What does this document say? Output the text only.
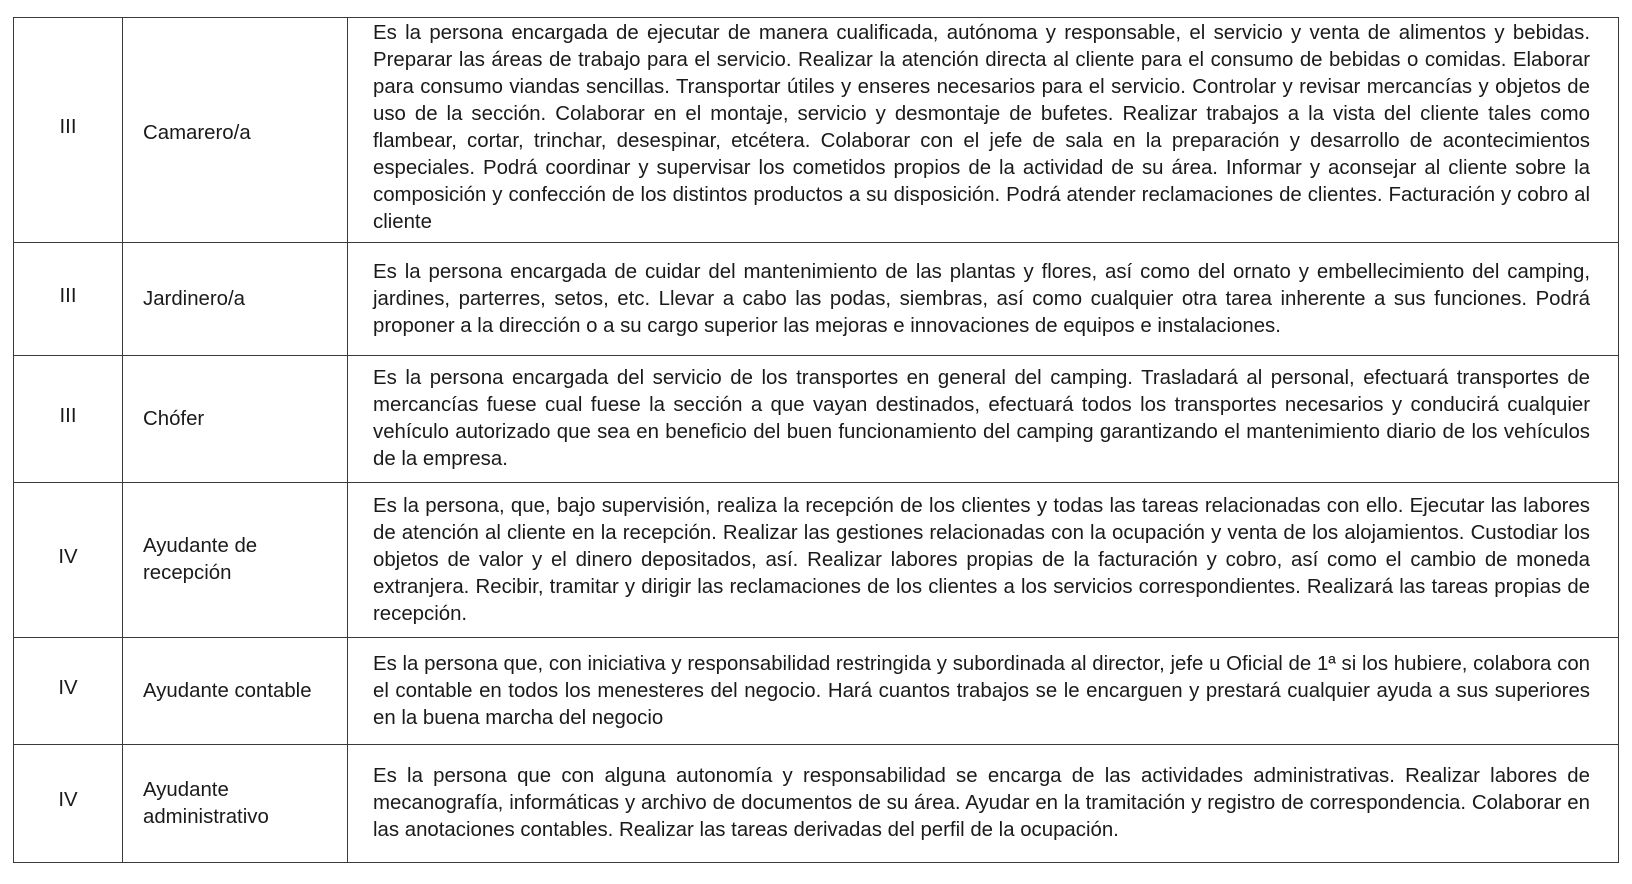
III	Camarero/a	Es la persona encargada de ejecutar de manera cualificada, autónoma y responsable, el servicio y venta de alimentos y bebidas. Preparar las áreas de trabajo para el servicio. Realizar la atención directa al cliente para el consumo de bebidas o comidas. Elaborar para consumo viandas sencillas. Transportar útiles y enseres necesarios para el servicio. Controlar y revisar mercancías y objetos de uso de la sección. Colaborar en el montaje, servicio y desmontaje de bufetes. Realizar trabajos a la vista del cliente tales como flambear, cortar, trinchar, desespinar, etcétera. Colaborar con el jefe de sala en la preparación y desarrollo de acontecimientos especiales. Podrá coordinar y supervisar los cometidos propios de la actividad de su área. Informar y aconsejar al cliente sobre la composición y confección de los distintos productos a su disposición. Podrá atender reclamaciones de clientes. Facturación y cobro al cliente
III	Jardinero/a	Es la persona encargada de cuidar del mantenimiento de las plantas y flores, así como del ornato y embellecimiento del camping, jardines, parterres, setos, etc. Llevar a cabo las podas, siembras, así como cualquier otra tarea inherente a sus funciones. Podrá proponer a la dirección o a su cargo superior las mejoras e innovaciones de equipos e instalaciones.
III	Chófer	Es la persona encargada del servicio de los transportes en general del camping. Trasladará al personal, efectuará transportes de mercancías fuese cual fuese la sección a que vayan destinados, efectuará todos los transportes necesarios y conducirá cualquier vehículo autorizado que sea en beneficio del buen funcionamiento del camping garantizando el mantenimiento diario de los vehículos de la empresa.
IV	Ayudante de recepción	Es la persona, que, bajo supervisión, realiza la recepción de los clientes y todas las tareas relacionadas con ello. Ejecutar las labores de atención al cliente en la recepción. Realizar las gestiones relacionadas con la ocupación y venta de los alojamientos. Custodiar los objetos de valor y el dinero depositados, así. Realizar labores propias de la facturación y cobro, así como el cambio de moneda extranjera. Recibir, tramitar y dirigir las reclamaciones de los clientes a los servicios correspondientes. Realizará las tareas propias de recepción.
IV	Ayudante contable	Es la persona que, con iniciativa y responsabilidad restringida y subordinada al director, jefe u Oficial de 1ª si los hubiere, colabora con el contable en todos los menesteres del negocio. Hará cuantos trabajos se le encarguen y prestará cualquier ayuda a sus superiores en la buena marcha del negocio
IV	Ayudante administrativo	Es la persona que con alguna autonomía y responsabilidad se encarga de las actividades administrativas. Realizar labores de mecanografía, informáticas y archivo de documentos de su área. Ayudar en la tramitación y registro de correspondencia. Colaborar en las anotaciones contables. Realizar las tareas derivadas del perfil de la ocupación.
